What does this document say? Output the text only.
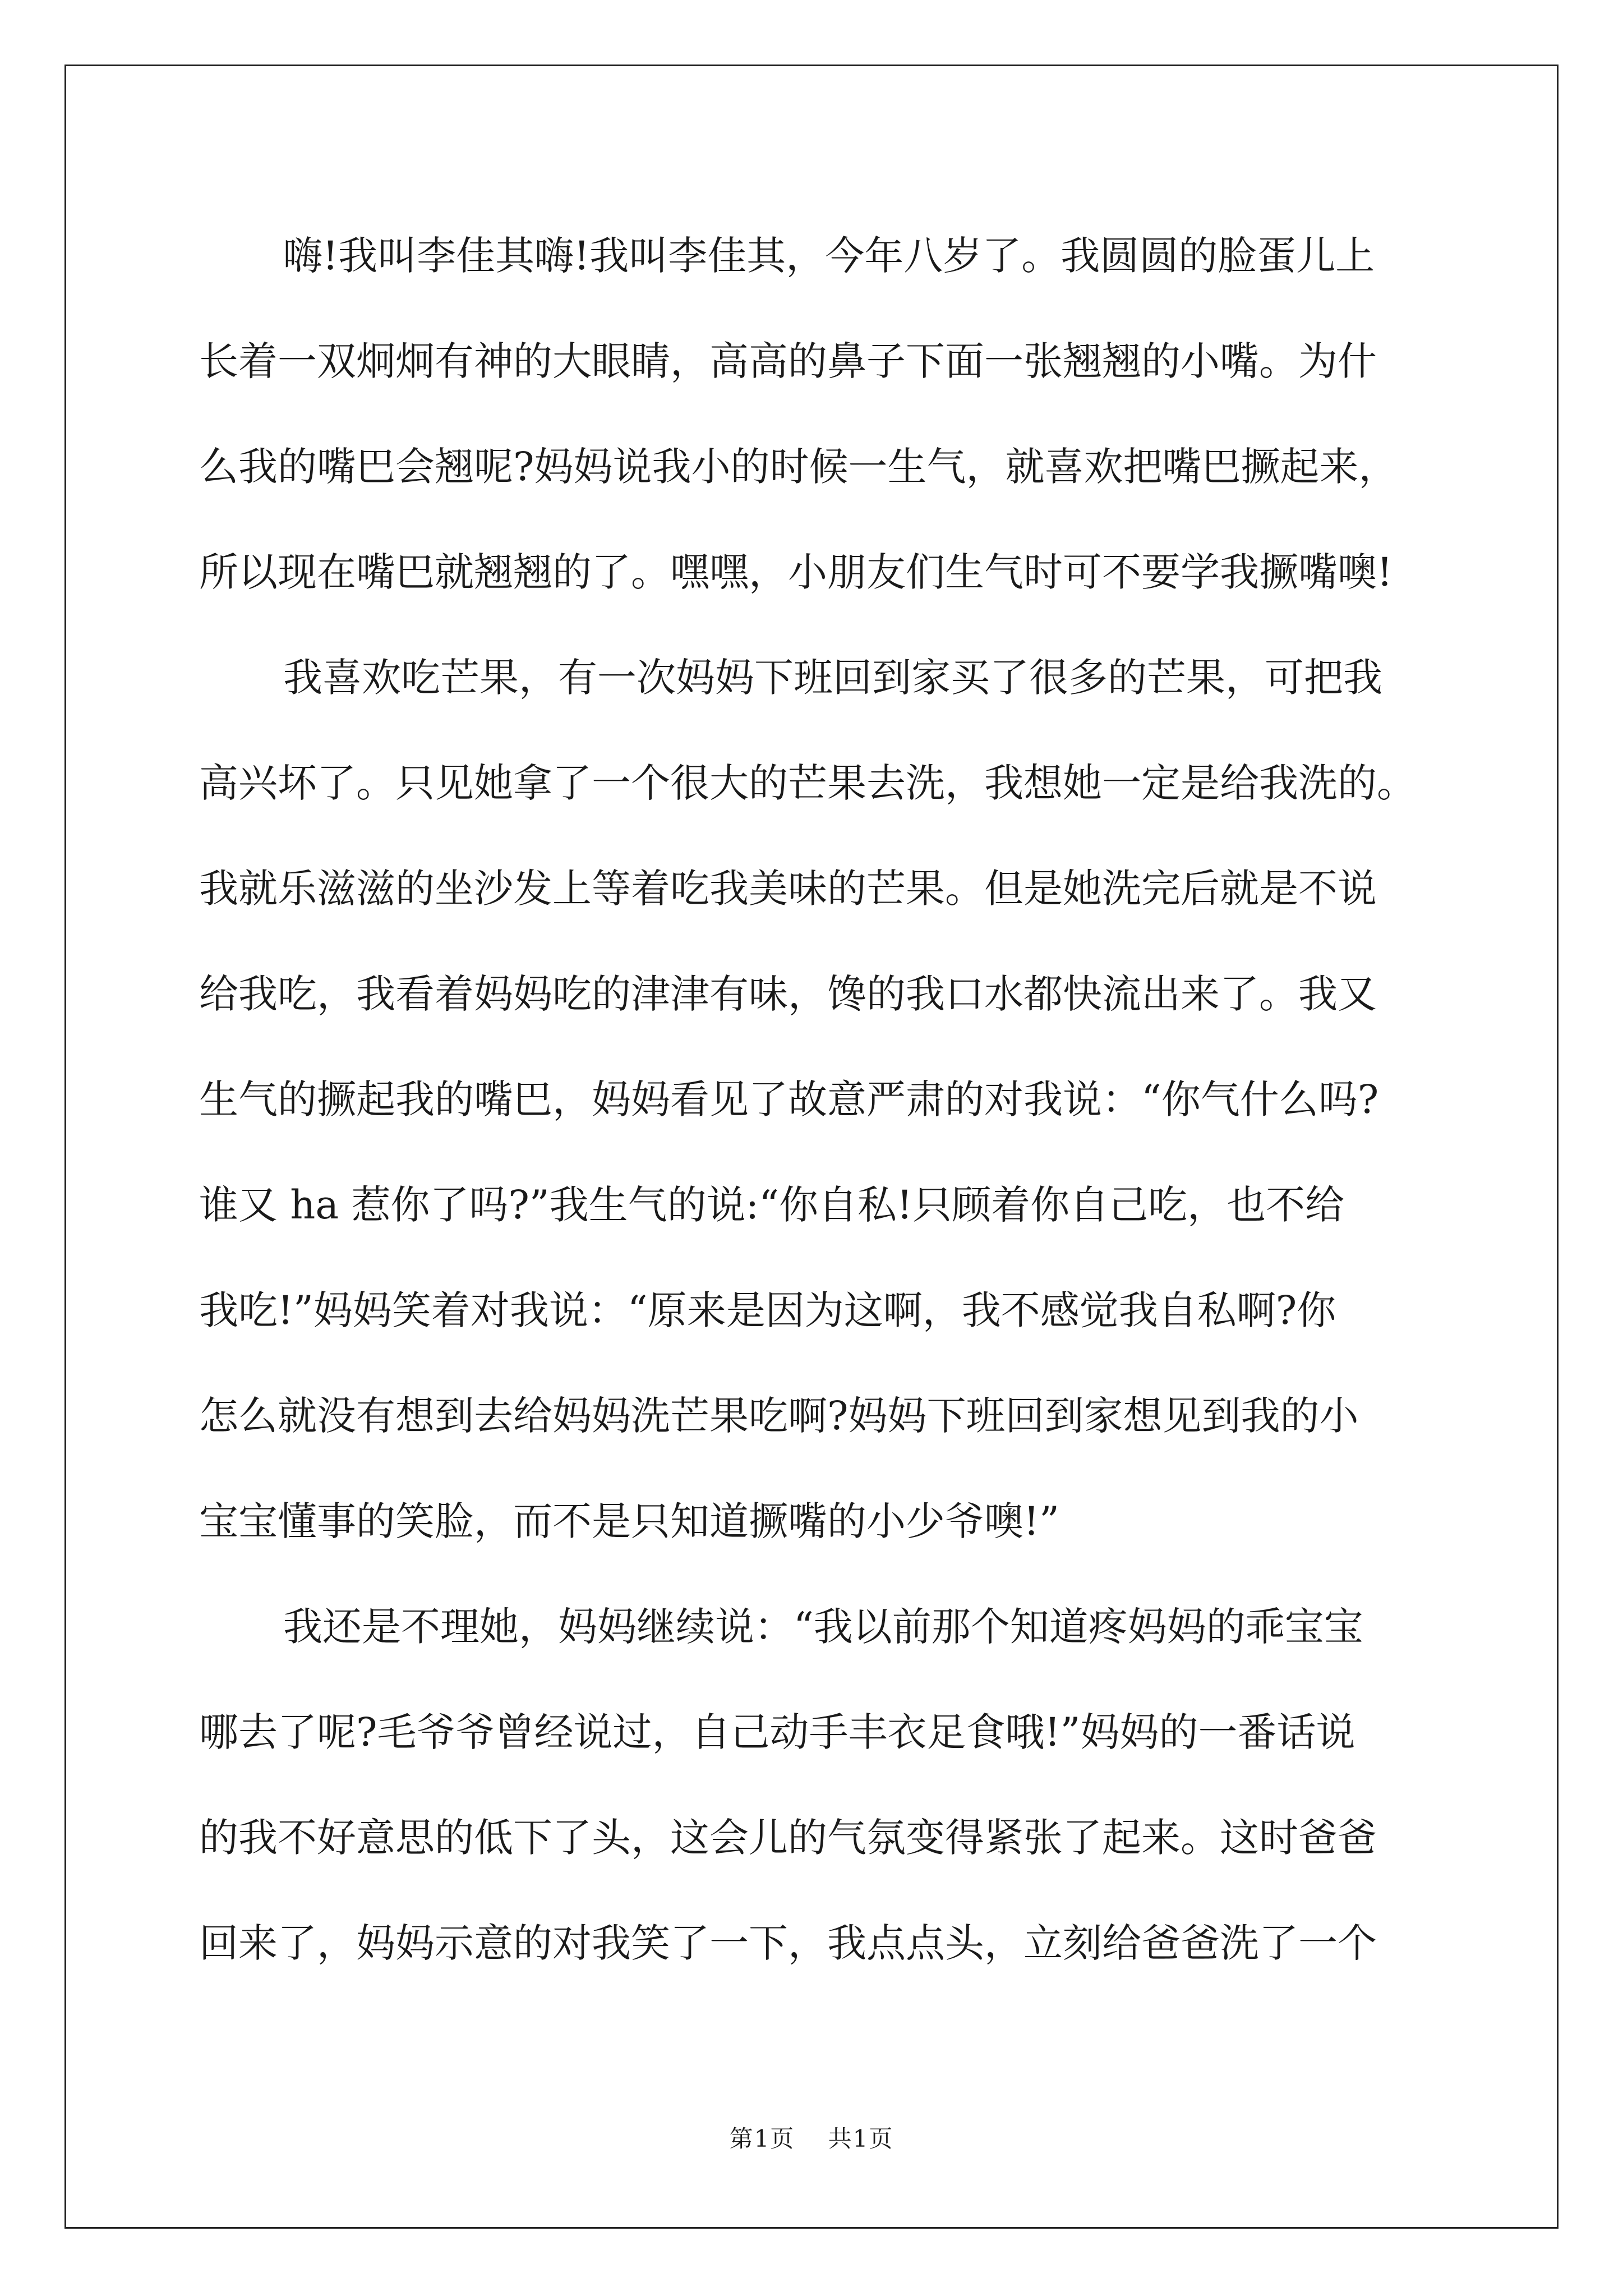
嗨!我叫李佳其嗨!我叫李佳其，今年八岁了。我圆圆的脸蛋儿上
长着一双炯炯有神的大眼睛，高高的鼻子下面一张翘翘的小嘴。为什
么我的嘴巴会翘呢?妈妈说我小的时候一生气，就喜欢把嘴巴撅起来，
所以现在嘴巴就翘翘的了。嘿嘿，小朋友们生气时可不要学我撅嘴噢!
我喜欢吃芒果，有一次妈妈下班回到家买了很多的芒果，可把我
高兴坏了。只见她拿了一个很大的芒果去洗，我想她一定是给我洗的。
我就乐滋滋的坐沙发上等着吃我美味的芒果。但是她洗完后就是不说
给我吃，我看着妈妈吃的津津有味，馋的我口水都快流出来了。我又
生气的撅起我的嘴巴，妈妈看见了故意严肃的对我说：“你气什么吗?
谁又 ha 惹你了吗?”我生气的说:“你自私!只顾着你自己吃，也不给
我吃!”妈妈笑着对我说：“原来是因为这啊，我不感觉我自私啊?你
怎么就没有想到去给妈妈洗芒果吃啊?妈妈下班回到家想见到我的小
宝宝懂事的笑脸，而不是只知道撅嘴的小少爷噢!”
我还是不理她，妈妈继续说：“我以前那个知道疼妈妈的乖宝宝
哪去了呢?毛爷爷曾经说过，自己动手丰衣足食哦!”妈妈的一番话说
的我不好意思的低下了头，这会儿的气氛变得紧张了起来。这时爸爸
回来了，妈妈示意的对我笑了一下，我点点头，立刻给爸爸洗了一个
第1页 共1页
